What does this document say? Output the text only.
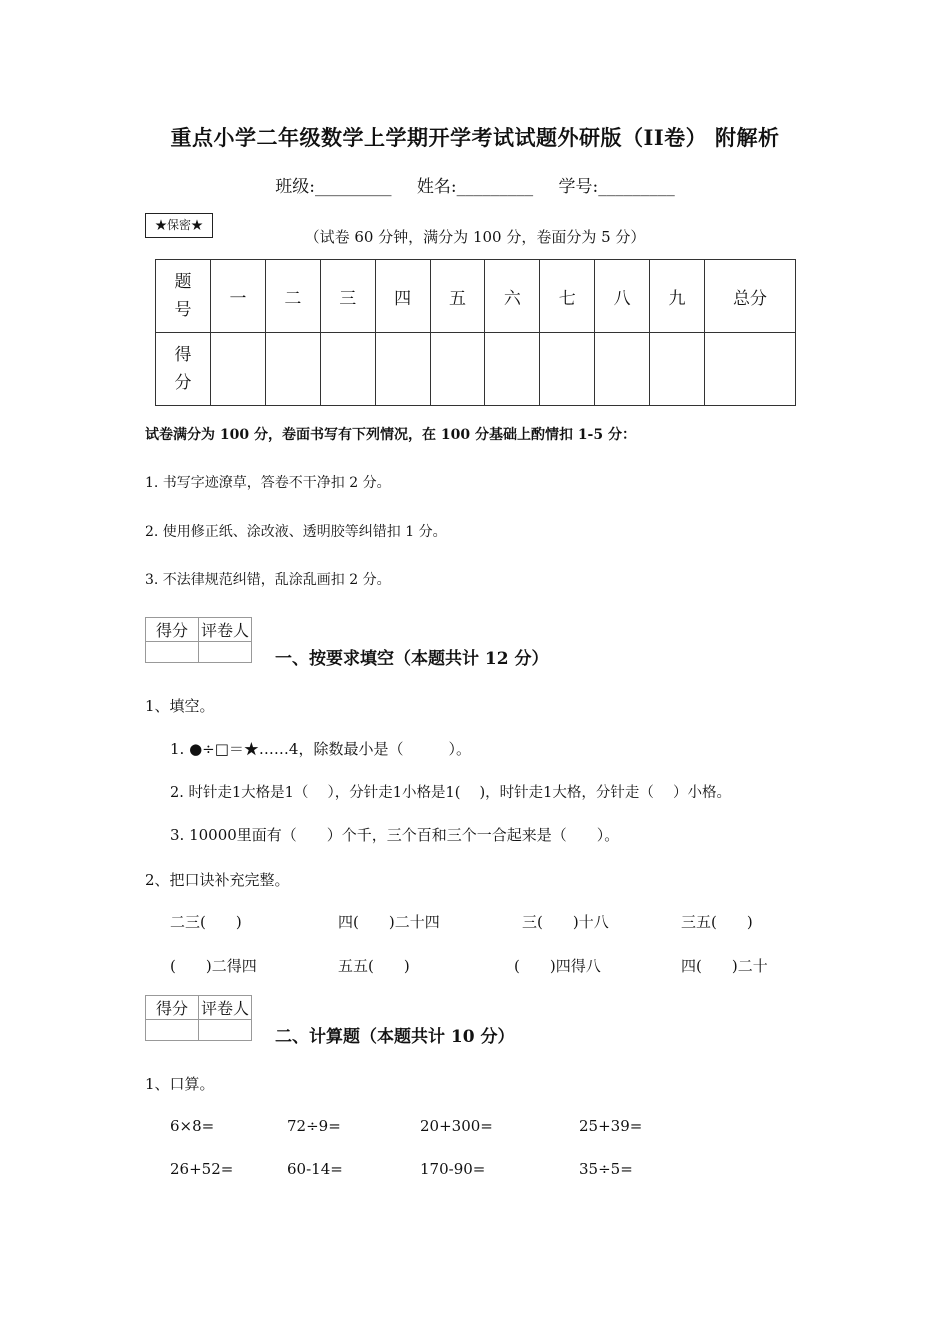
重点小学二年级数学上学期开学考试试题外研版（II卷） 附解析
班级:_________ 姓名:_________ 学号:_________
★保密★
（试卷 60 分钟，满分为 100 分，卷面分为 5 分）
题
号	一	二	三	四	五	六	七	八	九	总分

得
分										

试卷满分为 100 分，卷面书写有下列情况，在 100 分基础上酌情扣 1-5 分：
1. 书写字迹潦草，答卷不干净扣 2 分。
2. 使用修正纸、涂改液、透明胶等纠错扣 1 分。
3. 不法律规范纠错，乱涂乱画扣 2 分。
得分	评卷人

一、按要求填空（本题共计 12 分）
1、填空。
1. ●÷□＝★……4，除数最小是（　　　）。
2. 时针走1大格是1（　 ），分针走1小格是1(　 )，时针走1大格，分针走（　 ）小格。
3. 10000里面有（　　）个千，三个百和三个一合起来是（　　）。
2、把口诀补充完整。
二三(　　)	四(　　)二十四	三(　　)十八	三五(　　)
(　　)二得四	五五(　　)	(　　)四得八	四(　　)二十
得分	评卷人

二、计算题（本题共计 10 分）
1、口算。
6×8=	72÷9=	20+300=	25+39=
26+52=	60-14=	170-90=	35÷5=
